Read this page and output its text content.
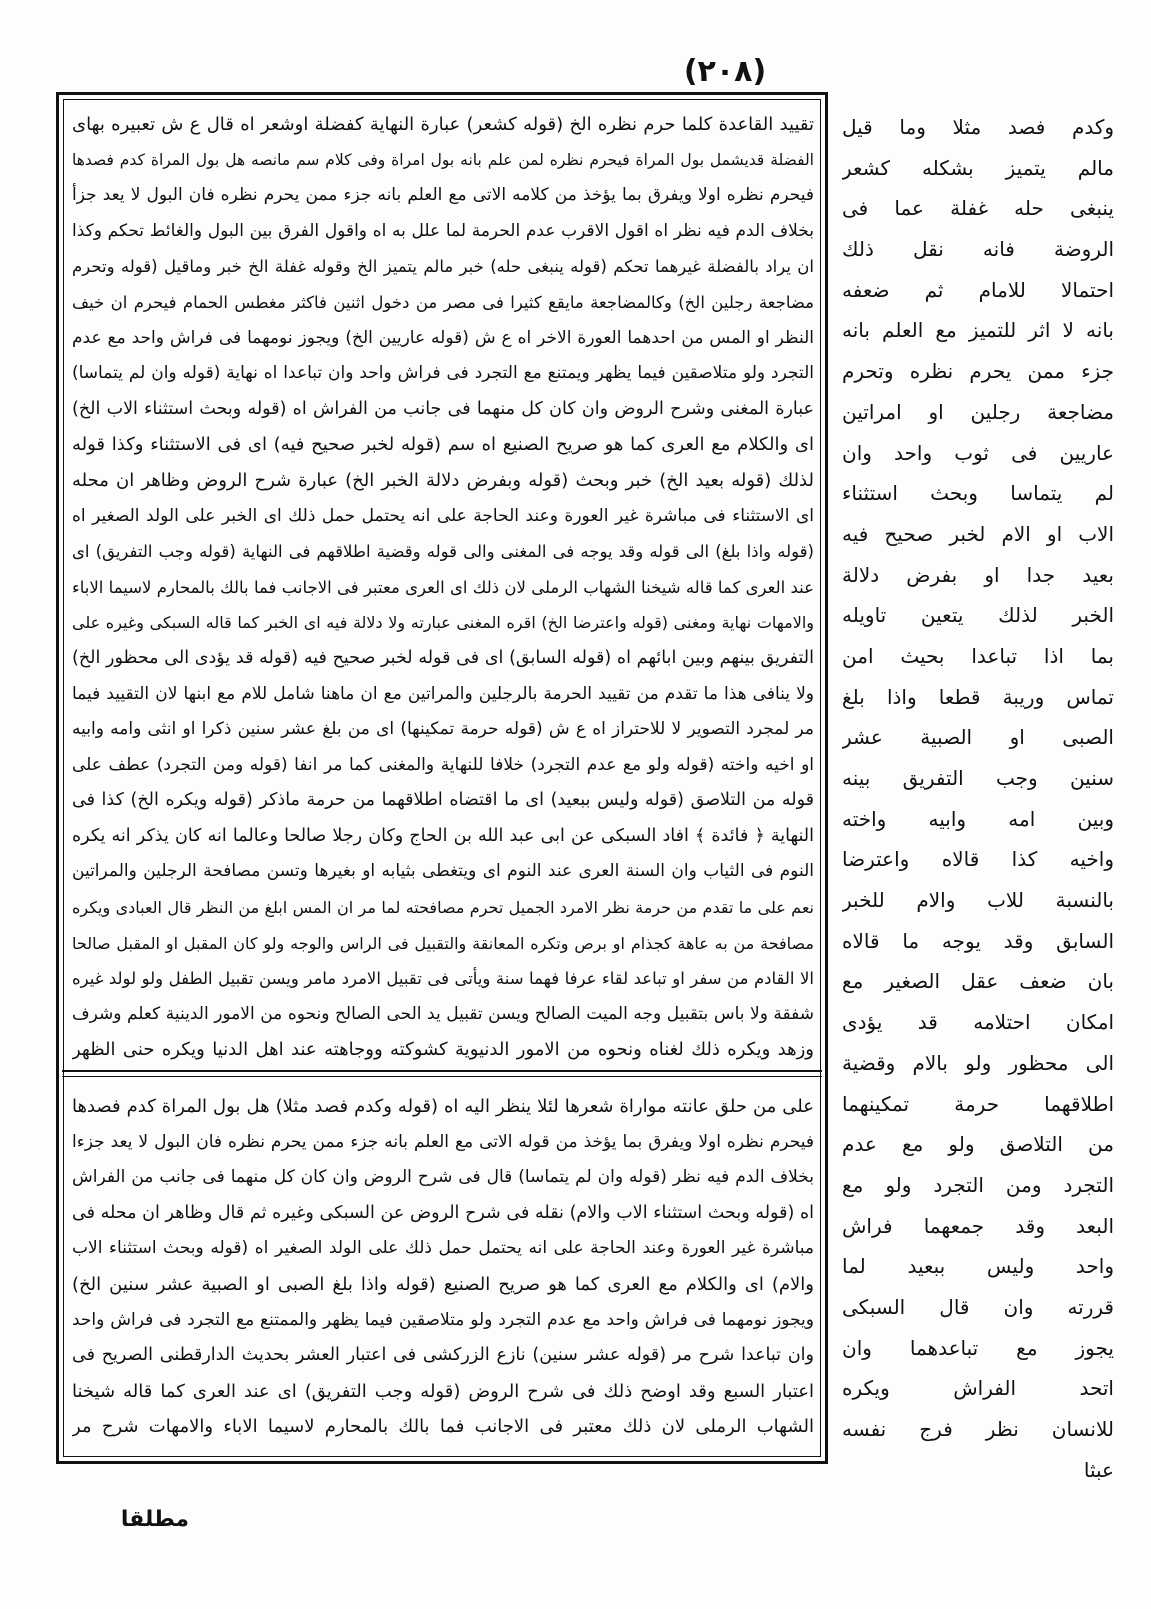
(٢٠٨)
تقييد القاعدة كلما حرم نظره الخ (قوله كشعر) عبارة النهاية كفضلة اوشعر اه قال ع ش تعبيره بهاى
الفضلة قديشمل بول المراة فيحرم نظره لمن علم بانه بول امراة وفى كلام سم مانصه هل بول المراة كدم فصدها
فيحرم نظره اولا ويفرق بما يؤخذ من كلامه الاتى مع العلم بانه جزء ممن يحرم نظره فان البول لا يعد جزأ
بخلاف الدم فيه نظر اه اقول الاقرب عدم الحرمة لما علل به اه واقول الفرق بين البول والغائط تحكم وكذا
ان يراد بالفضلة غيرهما تحكم (قوله ينبغى حله) خبر مالم يتميز الخ وقوله غفلة الخ خبر وماقيل (قوله وتحرم
مضاجعة رجلين الخ) وكالمضاجعة مايقع كثيرا فى مصر من دخول اثنين فاكثر مغطس الحمام فيحرم ان خيف
النظر او المس من احدهما العورة الاخر اه ع ش (قوله عاريين الخ) ويجوز نومهما فى فراش واحد مع عدم
التجرد ولو متلاصقين فيما يظهر ويمتنع مع التجرد فى فراش واحد وان تباعدا اه نهاية (قوله وان لم يتماسا)
عبارة المغنى وشرح الروض وان كان كل منهما فى جانب من الفراش اه (قوله وبحث استثناء الاب الخ)
اى والكلام مع العرى كما هو صريح الصنيع اه سم (قوله لخبر صحيح فيه) اى فى الاستثناء وكذا قوله
لذلك (قوله بعيد الخ) خبر وبحث (قوله وبفرض دلالة الخبر الخ) عبارة شرح الروض وظاهر ان محله
اى الاستثناء فى مباشرة غير العورة وعند الحاجة على انه يحتمل حمل ذلك اى الخبر على الولد الصغير اه
(قوله واذا بلغ) الى قوله وقد يوجه فى المغنى والى قوله وقضية اطلاقهم فى النهاية (قوله وجب التفريق) اى
عند العرى كما قاله شيخنا الشهاب الرملى لان ذلك اى العرى معتبر فى الاجانب فما بالك بالمحارم لاسيما الاباء
والامهات نهاية ومغنى (قوله واعترضا الخ) اقره المغنى عبارته ولا دلالة فيه اى الخبر كما قاله السبكى وغيره على
التفريق بينهم وبين ابائهم اه (قوله السابق) اى فى قوله لخبر صحيح فيه (قوله قد يؤدى الى محظور الخ)
ولا ينافى هذا ما تقدم من تقييد الحرمة بالرجلين والمراتين مع ان ماهنا شامل للام مع ابنها لان التقييد فيما
مر لمجرد التصوير لا للاحتراز اه ع ش (قوله حرمة تمكينها) اى من بلغ عشر سنين ذكرا او انثى وامه وابيه
او اخيه واخته (قوله ولو مع عدم التجرد) خلافا للنهاية والمغنى كما مر انفا (قوله ومن التجرد) عطف على
قوله من التلاصق (قوله وليس ببعيد) اى ما اقتضاه اطلاقهما من حرمة ماذكر (قوله ويكره الخ) كذا فى
النهاية ﴿ فائدة ﴾ افاد السبكى عن ابى عبد الله بن الحاج وكان رجلا صالحا وعالما انه كان يذكر انه يكره
النوم فى الثياب وان السنة العرى عند النوم اى ويتغطى بثيابه او بغيرها وتسن مصافحة الرجلين والمراتين
نعم على ما تقدم من حرمة نظر الامرد الجميل تحرم مصافحته لما مر ان المس ابلغ من النظر قال العبادى ويكره
مصافحة من به عاهة كجذام او برص وتكره المعانقة والتقبيل فى الراس والوجه ولو كان المقبل او المقبل صالحا
الا القادم من سفر او تباعد لقاء عرفا فهما سنة ويأتى فى تقبيل الامرد مامر ويسن تقبيل الطفل ولو لولد غيره
شفقة ولا باس بتقبيل وجه الميت الصالح ويسن تقبيل يد الحى الصالح ونحوه من الامور الدينية كعلم وشرف
وزهد ويكره ذلك لغناه ونحوه من الامور الدنيوية كشوكته ووجاهته عند اهل الدنيا ويكره حنى الظهر
على من حلق عانته مواراة شعرها لئلا ينظر اليه اه (قوله وكدم فصد مثلا) هل بول المراة كدم فصدها
فيحرم نظره اولا ويفرق بما يؤخذ من قوله الاتى مع العلم بانه جزء ممن يحرم نظره فان البول لا يعد جزءا
بخلاف الدم فيه نظر (قوله وان لم يتماسا) قال فى شرح الروض وان كان كل منهما فى جانب من الفراش
اه (قوله وبحث استثناء الاب والام) نقله فى شرح الروض عن السبكى وغيره ثم قال وظاهر ان محله فى
مباشرة غير العورة وعند الحاجة على انه يحتمل حمل ذلك على الولد الصغير اه (قوله وبحث استثناء الاب
والام) اى والكلام مع العرى كما هو صريح الصنيع (قوله واذا بلغ الصبى او الصبية عشر سنين الخ)
ويجوز نومهما فى فراش واحد مع عدم التجرد ولو متلاصقين فيما يظهر والممتنع مع التجرد فى فراش واحد
وان تباعدا شرح مر (قوله عشر سنين) نازع الزركشى فى اعتبار العشر بحديث الدارقطنى الصريح فى
اعتبار السبع وقد اوضح ذلك فى شرح الروض (قوله وجب التفريق) اى عند العرى كما قاله شيخنا
الشهاب الرملى لان ذلك معتبر فى الاجانب فما بالك بالمحارم لاسيما الاباء والامهات شرح مر
وكدم فصد مثلا وما قيل
مالم يتميز بشكله كشعر
ينبغى حله غفلة عما فى
الروضة فانه نقل ذلك
احتمالا للامام ثم ضعفه
بانه لا اثر للتميز مع العلم بانه
جزء ممن يحرم نظره وتحرم
مضاجعة رجلين او امراتين
عاريين فى ثوب واحد وان
لم يتماسا وبحث استثناء
الاب او الام لخبر صحيح فيه
بعيد جدا او بفرض دلالة
الخبر لذلك يتعين تاويله
بما اذا تباعدا بحيث امن
تماس وريبة قطعا واذا بلغ
الصبى او الصبية عشر
سنين وجب التفريق بينه
وبين امه وابيه واخته
واخيه كذا قالاه واعترضا
بالنسبة للاب والام للخبر
السابق وقد يوجه ما قالاه
بان ضعف عقل الصغير مع
امكان احتلامه قد يؤدى
الى محظور ولو بالام وقضية
اطلاقهما حرمة تمكينهما
من التلاصق ولو مع عدم
التجرد ومن التجرد ولو مع
البعد وقد جمعهما فراش
واحد وليس ببعيد لما
قررته وان قال السبكى
يجوز مع تباعدهما وان
اتحد الفراش ويكره
للانسان نظر فرج نفسه
عبثا
مطلقا
